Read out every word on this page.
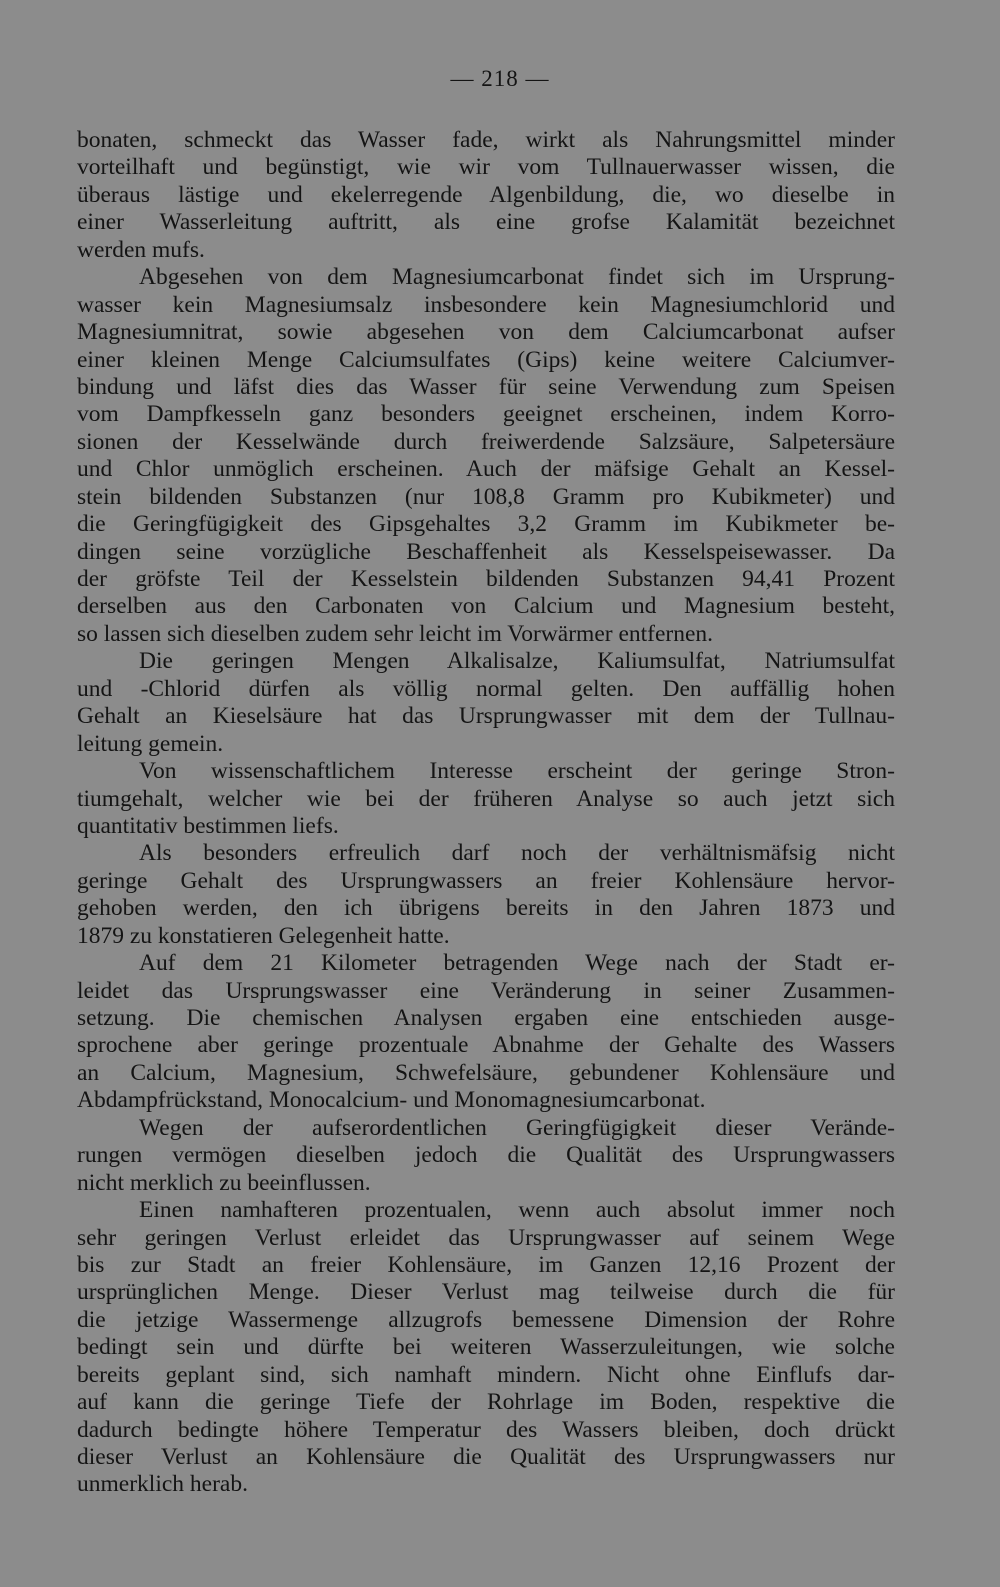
— 218 —
bonaten, schmeckt das Wasser fade, wirkt als Nahrungsmittel minder
vorteilhaft und begünstigt, wie wir vom Tullnauerwasser wissen, die
überaus lästige und ekelerregende Algenbildung, die, wo dieselbe in
einer Wasserleitung auftritt, als eine grofse Kalamität bezeichnet
werden mufs.
Abgesehen von dem Magnesiumcarbonat findet sich im Ursprung-
wasser kein Magnesiumsalz insbesondere kein Magnesiumchlorid und
Magnesiumnitrat, sowie abgesehen von dem Calciumcarbonat aufser
einer kleinen Menge Calciumsulfates (Gips) keine weitere Calciumver-
bindung und läfst dies das Wasser für seine Verwendung zum Speisen
vom Dampfkesseln ganz besonders geeignet erscheinen, indem Korro-
sionen der Kesselwände durch freiwerdende Salzsäure, Salpetersäure
und Chlor unmöglich erscheinen. Auch der mäfsige Gehalt an Kessel-
stein bildenden Substanzen (nur 108,8 Gramm pro Kubikmeter) und
die Geringfügigkeit des Gipsgehaltes 3,2 Gramm im Kubikmeter be-
dingen seine vorzügliche Beschaffenheit als Kesselspeisewasser. Da
der gröfste Teil der Kesselstein bildenden Substanzen 94,41 Prozent
derselben aus den Carbonaten von Calcium und Magnesium besteht,
so lassen sich dieselben zudem sehr leicht im Vorwärmer entfernen.
Die geringen Mengen Alkalisalze, Kaliumsulfat, Natriumsulfat
und -Chlorid dürfen als völlig normal gelten. Den auffällig hohen
Gehalt an Kieselsäure hat das Ursprungwasser mit dem der Tullnau-
leitung gemein.
Von wissenschaftlichem Interesse erscheint der geringe Stron-
tiumgehalt, welcher wie bei der früheren Analyse so auch jetzt sich
quantitativ bestimmen liefs.
Als besonders erfreulich darf noch der verhältnismäfsig nicht
geringe Gehalt des Ursprungwassers an freier Kohlensäure hervor-
gehoben werden, den ich übrigens bereits in den Jahren 1873 und
1879 zu konstatieren Gelegenheit hatte.
Auf dem 21 Kilometer betragenden Wege nach der Stadt er-
leidet das Ursprungswasser eine Veränderung in seiner Zusammen-
setzung. Die chemischen Analysen ergaben eine entschieden ausge-
sprochene aber geringe prozentuale Abnahme der Gehalte des Wassers
an Calcium, Magnesium, Schwefelsäure, gebundener Kohlensäure und
Abdampfrückstand, Monocalcium- und Monomagnesiumcarbonat.
Wegen der aufserordentlichen Geringfügigkeit dieser Verände-
rungen vermögen dieselben jedoch die Qualität des Ursprungwassers
nicht merklich zu beeinflussen.
Einen namhafteren prozentualen, wenn auch absolut immer noch
sehr geringen Verlust erleidet das Ursprungwasser auf seinem Wege
bis zur Stadt an freier Kohlensäure, im Ganzen 12,16 Prozent der
ursprünglichen Menge. Dieser Verlust mag teilweise durch die für
die jetzige Wassermenge allzugrofs bemessene Dimension der Rohre
bedingt sein und dürfte bei weiteren Wasserzuleitungen, wie solche
bereits geplant sind, sich namhaft mindern. Nicht ohne Einflufs dar-
auf kann die geringe Tiefe der Rohrlage im Boden, respektive die
dadurch bedingte höhere Temperatur des Wassers bleiben, doch drückt
dieser Verlust an Kohlensäure die Qualität des Ursprungwassers nur
unmerklich herab.
